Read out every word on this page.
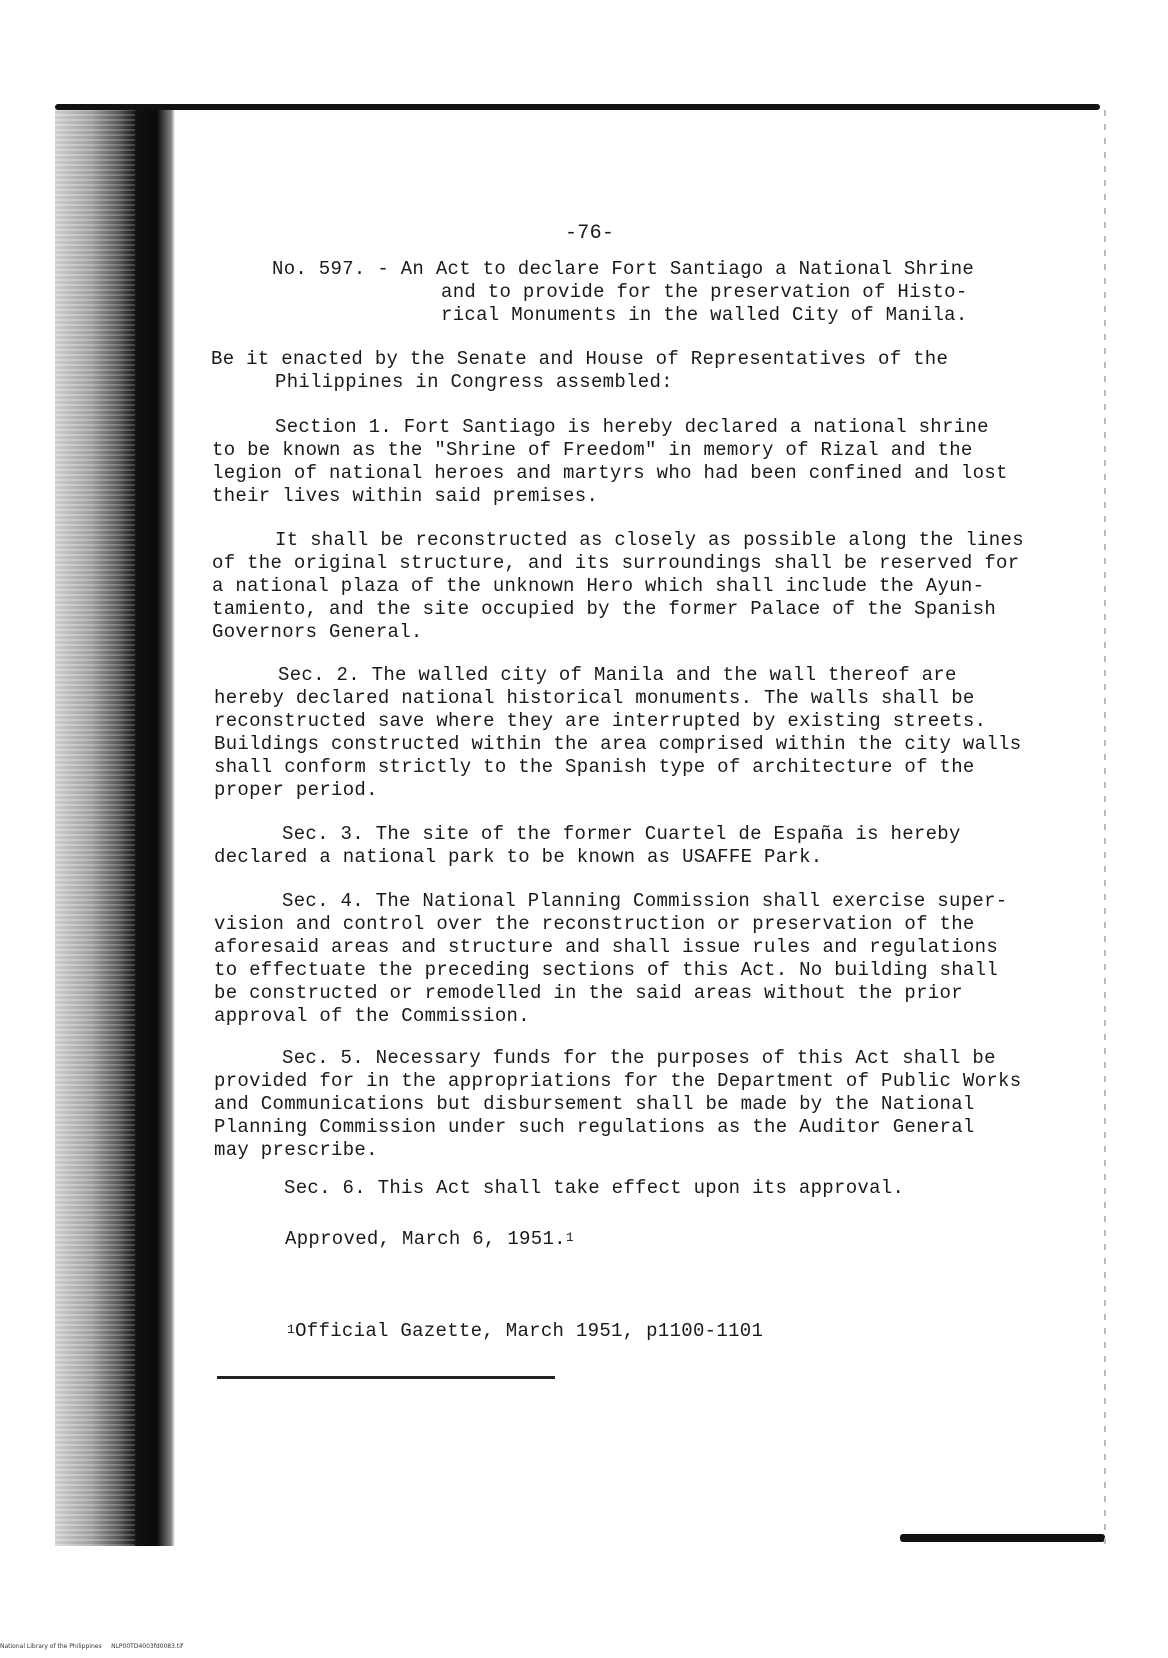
-76-
No. 597. - An Act to declare Fort Santiago a National Shrine
and to provide for the preservation of Histo-
rical Monuments in the walled City of Manila.
Be it enacted by the Senate and House of Representatives of the
Philippines in Congress assembled:
Section 1. Fort Santiago is hereby declared a national shrine
to be known as the "Shrine of Freedom" in memory of Rizal and the
legion of national heroes and martyrs who had been confined and lost
their lives within said premises.
It shall be reconstructed as closely as possible along the lines
of the original structure, and its surroundings shall be reserved for
a national plaza of the unknown Hero which shall include the Ayun-
tamiento, and the site occupied by the former Palace of the Spanish
Governors General.
Sec. 2. The walled city of Manila and the wall thereof are
hereby declared national historical monuments. The walls shall be
reconstructed save where they are interrupted by existing streets.
Buildings constructed within the area comprised within the city walls
shall conform strictly to the Spanish type of architecture of the
proper period.
Sec. 3. The site of the former Cuartel de España is hereby
declared a national park to be known as USAFFE Park.
Sec. 4. The National Planning Commission shall exercise super-
vision and control over the reconstruction or preservation of the
aforesaid areas and structure and shall issue rules and regulations
to effectuate the preceding sections of this Act. No building shall
be constructed or remodelled in the said areas without the prior
approval of the Commission.
Sec. 5. Necessary funds for the purposes of this Act shall be
provided for in the appropriations for the Department of Public Works
and Communications but disbursement shall be made by the National
Planning Commission under such regulations as the Auditor General
may prescribe.
Sec. 6. This Act shall take effect upon its approval.
Approved, March 6, 1951.$^1$
$^1$Official Gazette, March 1951, p1100-1101
National Library of the Philippines     NLP00TD4003fd0083.tif
